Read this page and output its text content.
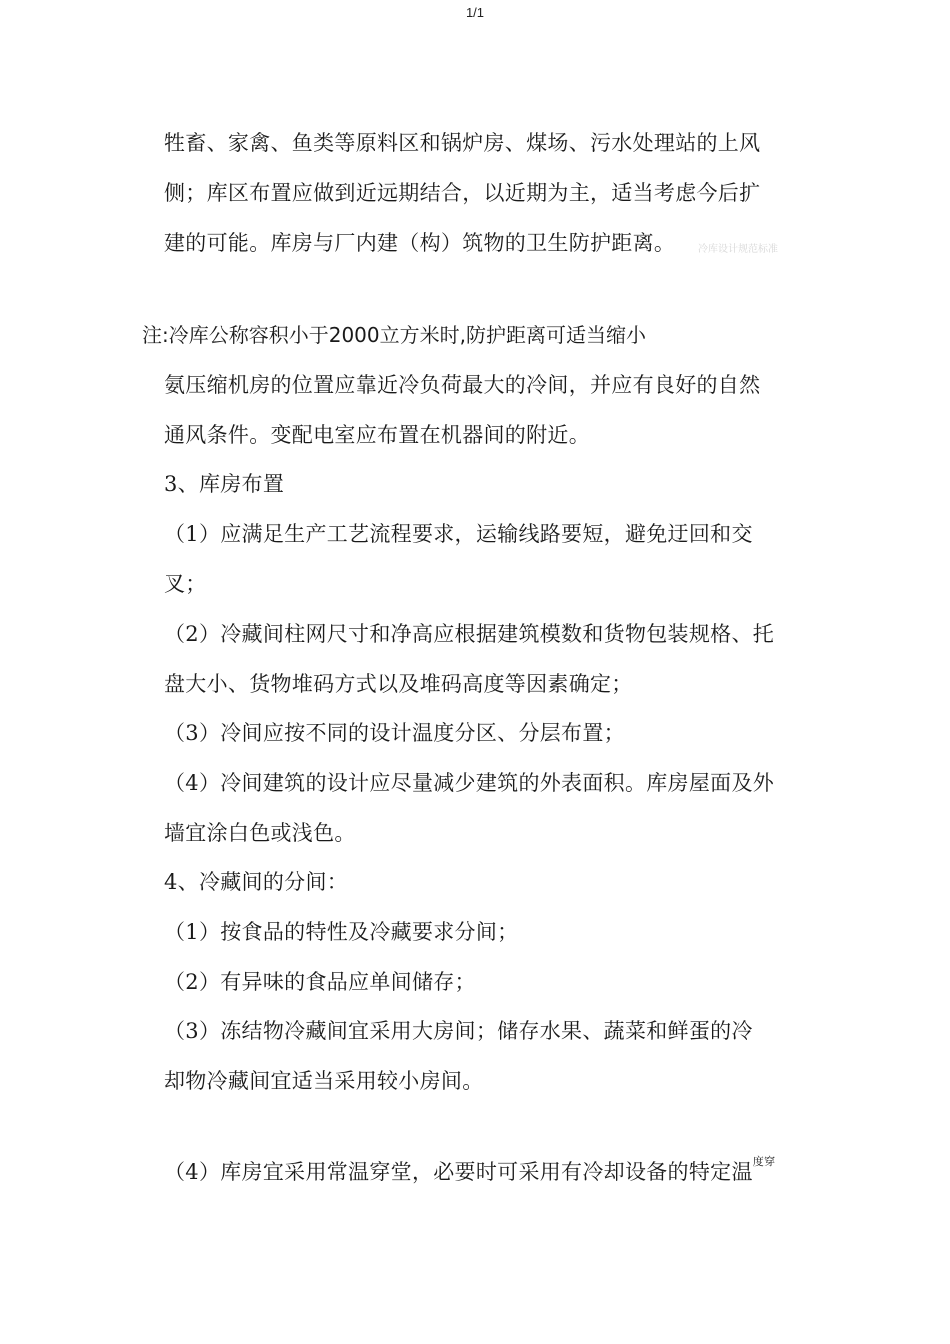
1/1
牲畜、家禽、鱼类等原料区和锅炉房、煤场、污水处理站的上风
侧；库区布置应做到近远期结合，以近期为主，适当考虑今后扩
建的可能。库房与厂内建（构）筑物的卫生防护距离。 冷库设计规范标准
注:冷库公称容积小于2000立方米时,防护距离可适当缩小
氨压缩机房的位置应靠近冷负荷最大的冷间，并应有良好的自然
通风条件。变配电室应布置在机器间的附近。
3、库房布置
（1）应满足生产工艺流程要求，运输线路要短，避免迂回和交
叉；
（2）冷藏间柱网尺寸和净高应根据建筑模数和货物包装规格、托
盘大小、货物堆码方式以及堆码高度等因素确定；
（3）冷间应按不同的设计温度分区、分层布置；
（4）冷间建筑的设计应尽量减少建筑的外表面积。库房屋面及外
墙宜涂白色或浅色。
4、冷藏间的分间：
（1）按食品的特性及冷藏要求分间；
（2）有异味的食品应单间储存；
（3）冻结物冷藏间宜采用大房间；储存水果、蔬菜和鲜蛋的冷
却物冷藏间宜适当采用较小房间。
（4）库房宜采用常温穿堂，必要时可采用有冷却设备的特定温$^{度穿}$
